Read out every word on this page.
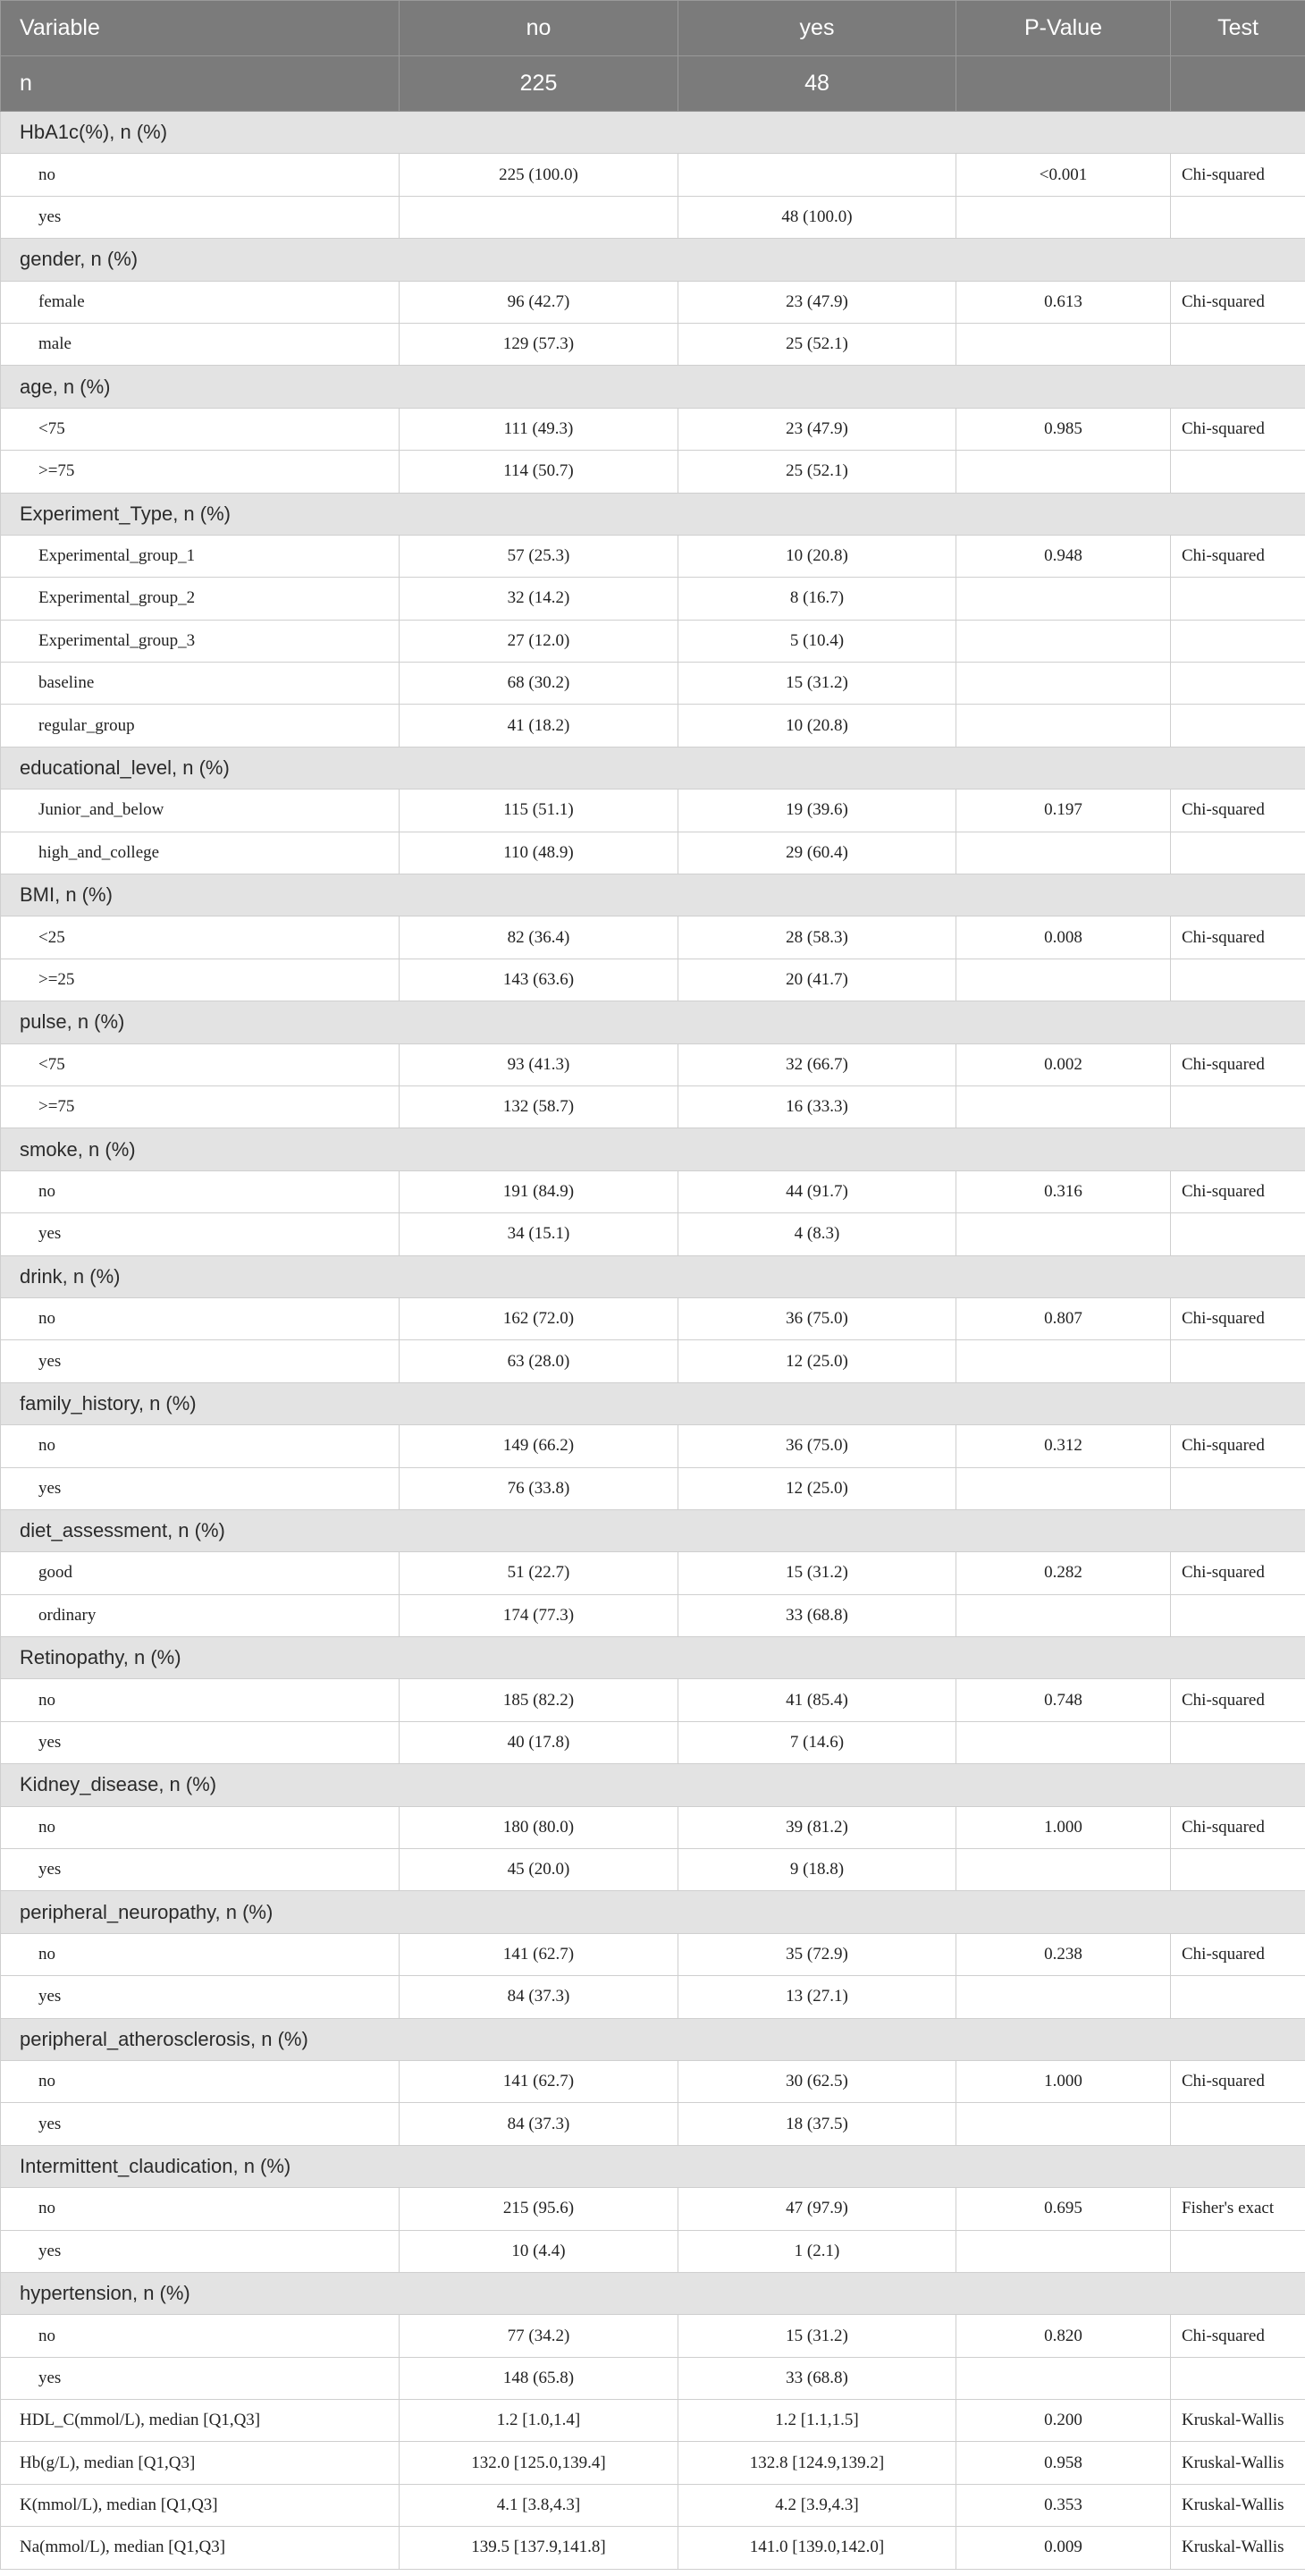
Variable	no	yes	P-Value	Test
n	225	48		
HbA1c(%), n (%)				
no	225 (100.0)		<0.001	Chi-squared
yes		48 (100.0)		
gender, n (%)				
female	96 (42.7)	23 (47.9)	0.613	Chi-squared
male	129 (57.3)	25 (52.1)		
age, n (%)				
<75	111 (49.3)	23 (47.9)	0.985	Chi-squared
>=75	114 (50.7)	25 (52.1)		
Experiment_Type, n (%)				
Experimental_group_1	57 (25.3)	10 (20.8)	0.948	Chi-squared
Experimental_group_2	32 (14.2)	8 (16.7)		
Experimental_group_3	27 (12.0)	5 (10.4)		
baseline	68 (30.2)	15 (31.2)		
regular_group	41 (18.2)	10 (20.8)		
educational_level, n (%)				
Junior_and_below	115 (51.1)	19 (39.6)	0.197	Chi-squared
high_and_college	110 (48.9)	29 (60.4)		
BMI, n (%)				
<25	82 (36.4)	28 (58.3)	0.008	Chi-squared
>=25	143 (63.6)	20 (41.7)		
pulse, n (%)				
<75	93 (41.3)	32 (66.7)	0.002	Chi-squared
>=75	132 (58.7)	16 (33.3)		
smoke, n (%)				
no	191 (84.9)	44 (91.7)	0.316	Chi-squared
yes	34 (15.1)	4 (8.3)		
drink, n (%)				
no	162 (72.0)	36 (75.0)	0.807	Chi-squared
yes	63 (28.0)	12 (25.0)		
family_history, n (%)				
no	149 (66.2)	36 (75.0)	0.312	Chi-squared
yes	76 (33.8)	12 (25.0)		
diet_assessment, n (%)				
good	51 (22.7)	15 (31.2)	0.282	Chi-squared
ordinary	174 (77.3)	33 (68.8)		
Retinopathy, n (%)				
no	185 (82.2)	41 (85.4)	0.748	Chi-squared
yes	40 (17.8)	7 (14.6)		
Kidney_disease, n (%)				
no	180 (80.0)	39 (81.2)	1.000	Chi-squared
yes	45 (20.0)	9 (18.8)		
peripheral_neuropathy, n (%)				
no	141 (62.7)	35 (72.9)	0.238	Chi-squared
yes	84 (37.3)	13 (27.1)		
peripheral_atherosclerosis, n (%)				
no	141 (62.7)	30 (62.5)	1.000	Chi-squared
yes	84 (37.3)	18 (37.5)		
Intermittent_claudication, n (%)				
no	215 (95.6)	47 (97.9)	0.695	Fisher's exact
yes	10 (4.4)	1 (2.1)		
hypertension, n (%)				
no	77 (34.2)	15 (31.2)	0.820	Chi-squared
yes	148 (65.8)	33 (68.8)		
HDL_C(mmol/L), median [Q1,Q3]	1.2 [1.0,1.4]	1.2 [1.1,1.5]	0.200	Kruskal-Wallis
Hb(g/L), median [Q1,Q3]	132.0 [125.0,139.4]	132.8 [124.9,139.2]	0.958	Kruskal-Wallis
K(mmol/L), median [Q1,Q3]	4.1 [3.8,4.3]	4.2 [3.9,4.3]	0.353	Kruskal-Wallis
Na(mmol/L), median [Q1,Q3]	139.5 [137.9,141.8]	141.0 [139.0,142.0]	0.009	Kruskal-Wallis
